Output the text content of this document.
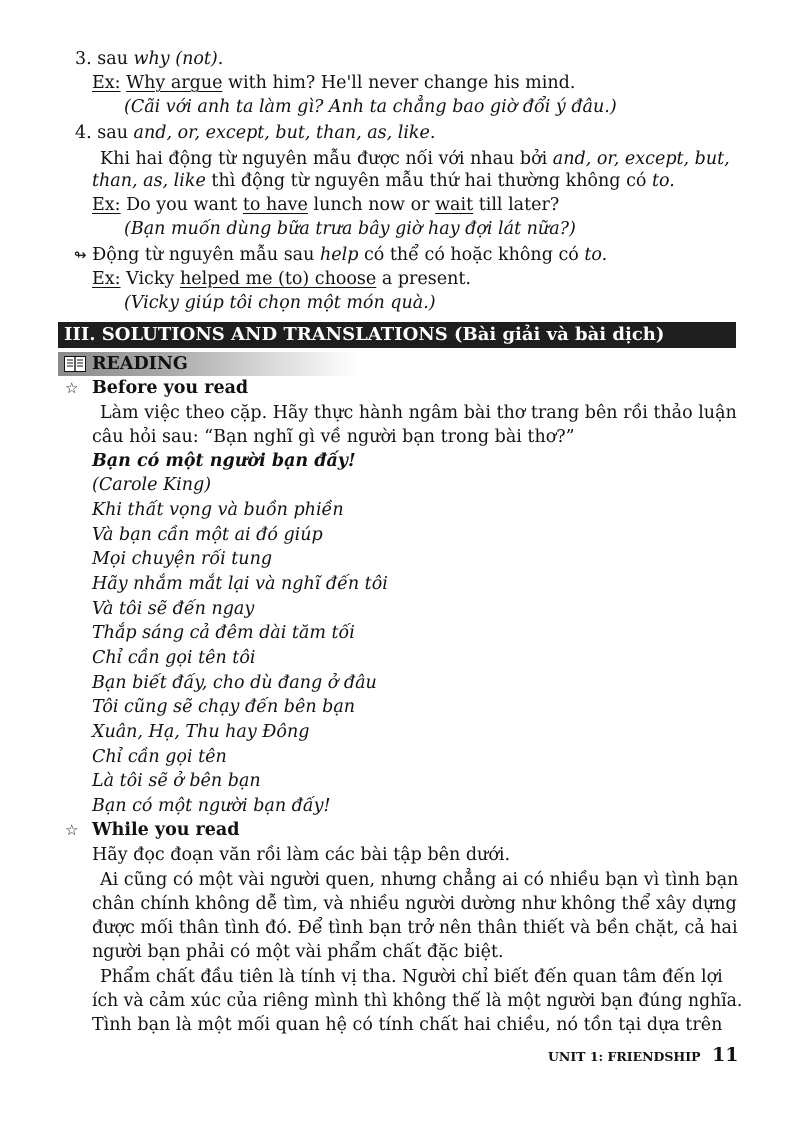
3. sau why (not).
Ex: Why argue with him? He'll never change his mind.
(Cãi với anh ta làm gì? Anh ta chẳng bao giờ đổi ý đâu.)
4. sau and, or, except, but, than, as, like.
Khi hai động từ nguyên mẫu được nối với nhau bởi and, or, except, but,
than, as, like thì động từ nguyên mẫu thứ hai thường không có to.
Ex: Do you want to have lunch now or wait till later?
(Bạn muốn dùng bữa trưa bây giờ hay đợi lát nữa?)
↬ Động từ nguyên mẫu sau help có thể có hoặc không có to.
Ex: Vicky helped me (to) choose a present.
(Vicky giúp tôi chọn một món quà.)
III. SOLUTIONS AND TRANSLATIONS (Bài giải và bài dịch)
READING
☆ Before you read
Làm việc theo cặp. Hãy thực hành ngâm bài thơ trang bên rồi thảo luận
câu hỏi sau: “Bạn nghĩ gì về người bạn trong bài thơ?”
Bạn có một người bạn đấy!
(Carole King)
Khi thất vọng và buồn phiền
Và bạn cần một ai đó giúp
Mọi chuyện rối tung
Hãy nhắm mắt lại và nghĩ đến tôi
Và tôi sẽ đến ngay
Thắp sáng cả đêm dài tăm tối
Chỉ cần gọi tên tôi
Bạn biết đấy, cho dù đang ở đâu
Tôi cũng sẽ chạy đến bên bạn
Xuân, Hạ, Thu hay Đông
Chỉ cần gọi tên
Là tôi sẽ ở bên bạn
Bạn có một người bạn đấy!
☆ While you read
Hãy đọc đoạn văn rồi làm các bài tập bên dưới.
Ai cũng có một vài người quen, nhưng chẳng ai có nhiều bạn vì tình bạn
chân chính không dễ tìm, và nhiều người dường như không thể xây dựng
được mối thân tình đó. Để tình bạn trở nên thân thiết và bền chặt, cả hai
người bạn phải có một vài phẩm chất đặc biệt.
Phẩm chất đầu tiên là tính vị tha. Người chỉ biết đến quan tâm đến lợi
ích và cảm xúc của riêng mình thì không thể là một người bạn đúng nghĩa.
Tình bạn là một mối quan hệ có tính chất hai chiều, nó tồn tại dựa trên
UNIT 1: FRIENDSHIP 11
